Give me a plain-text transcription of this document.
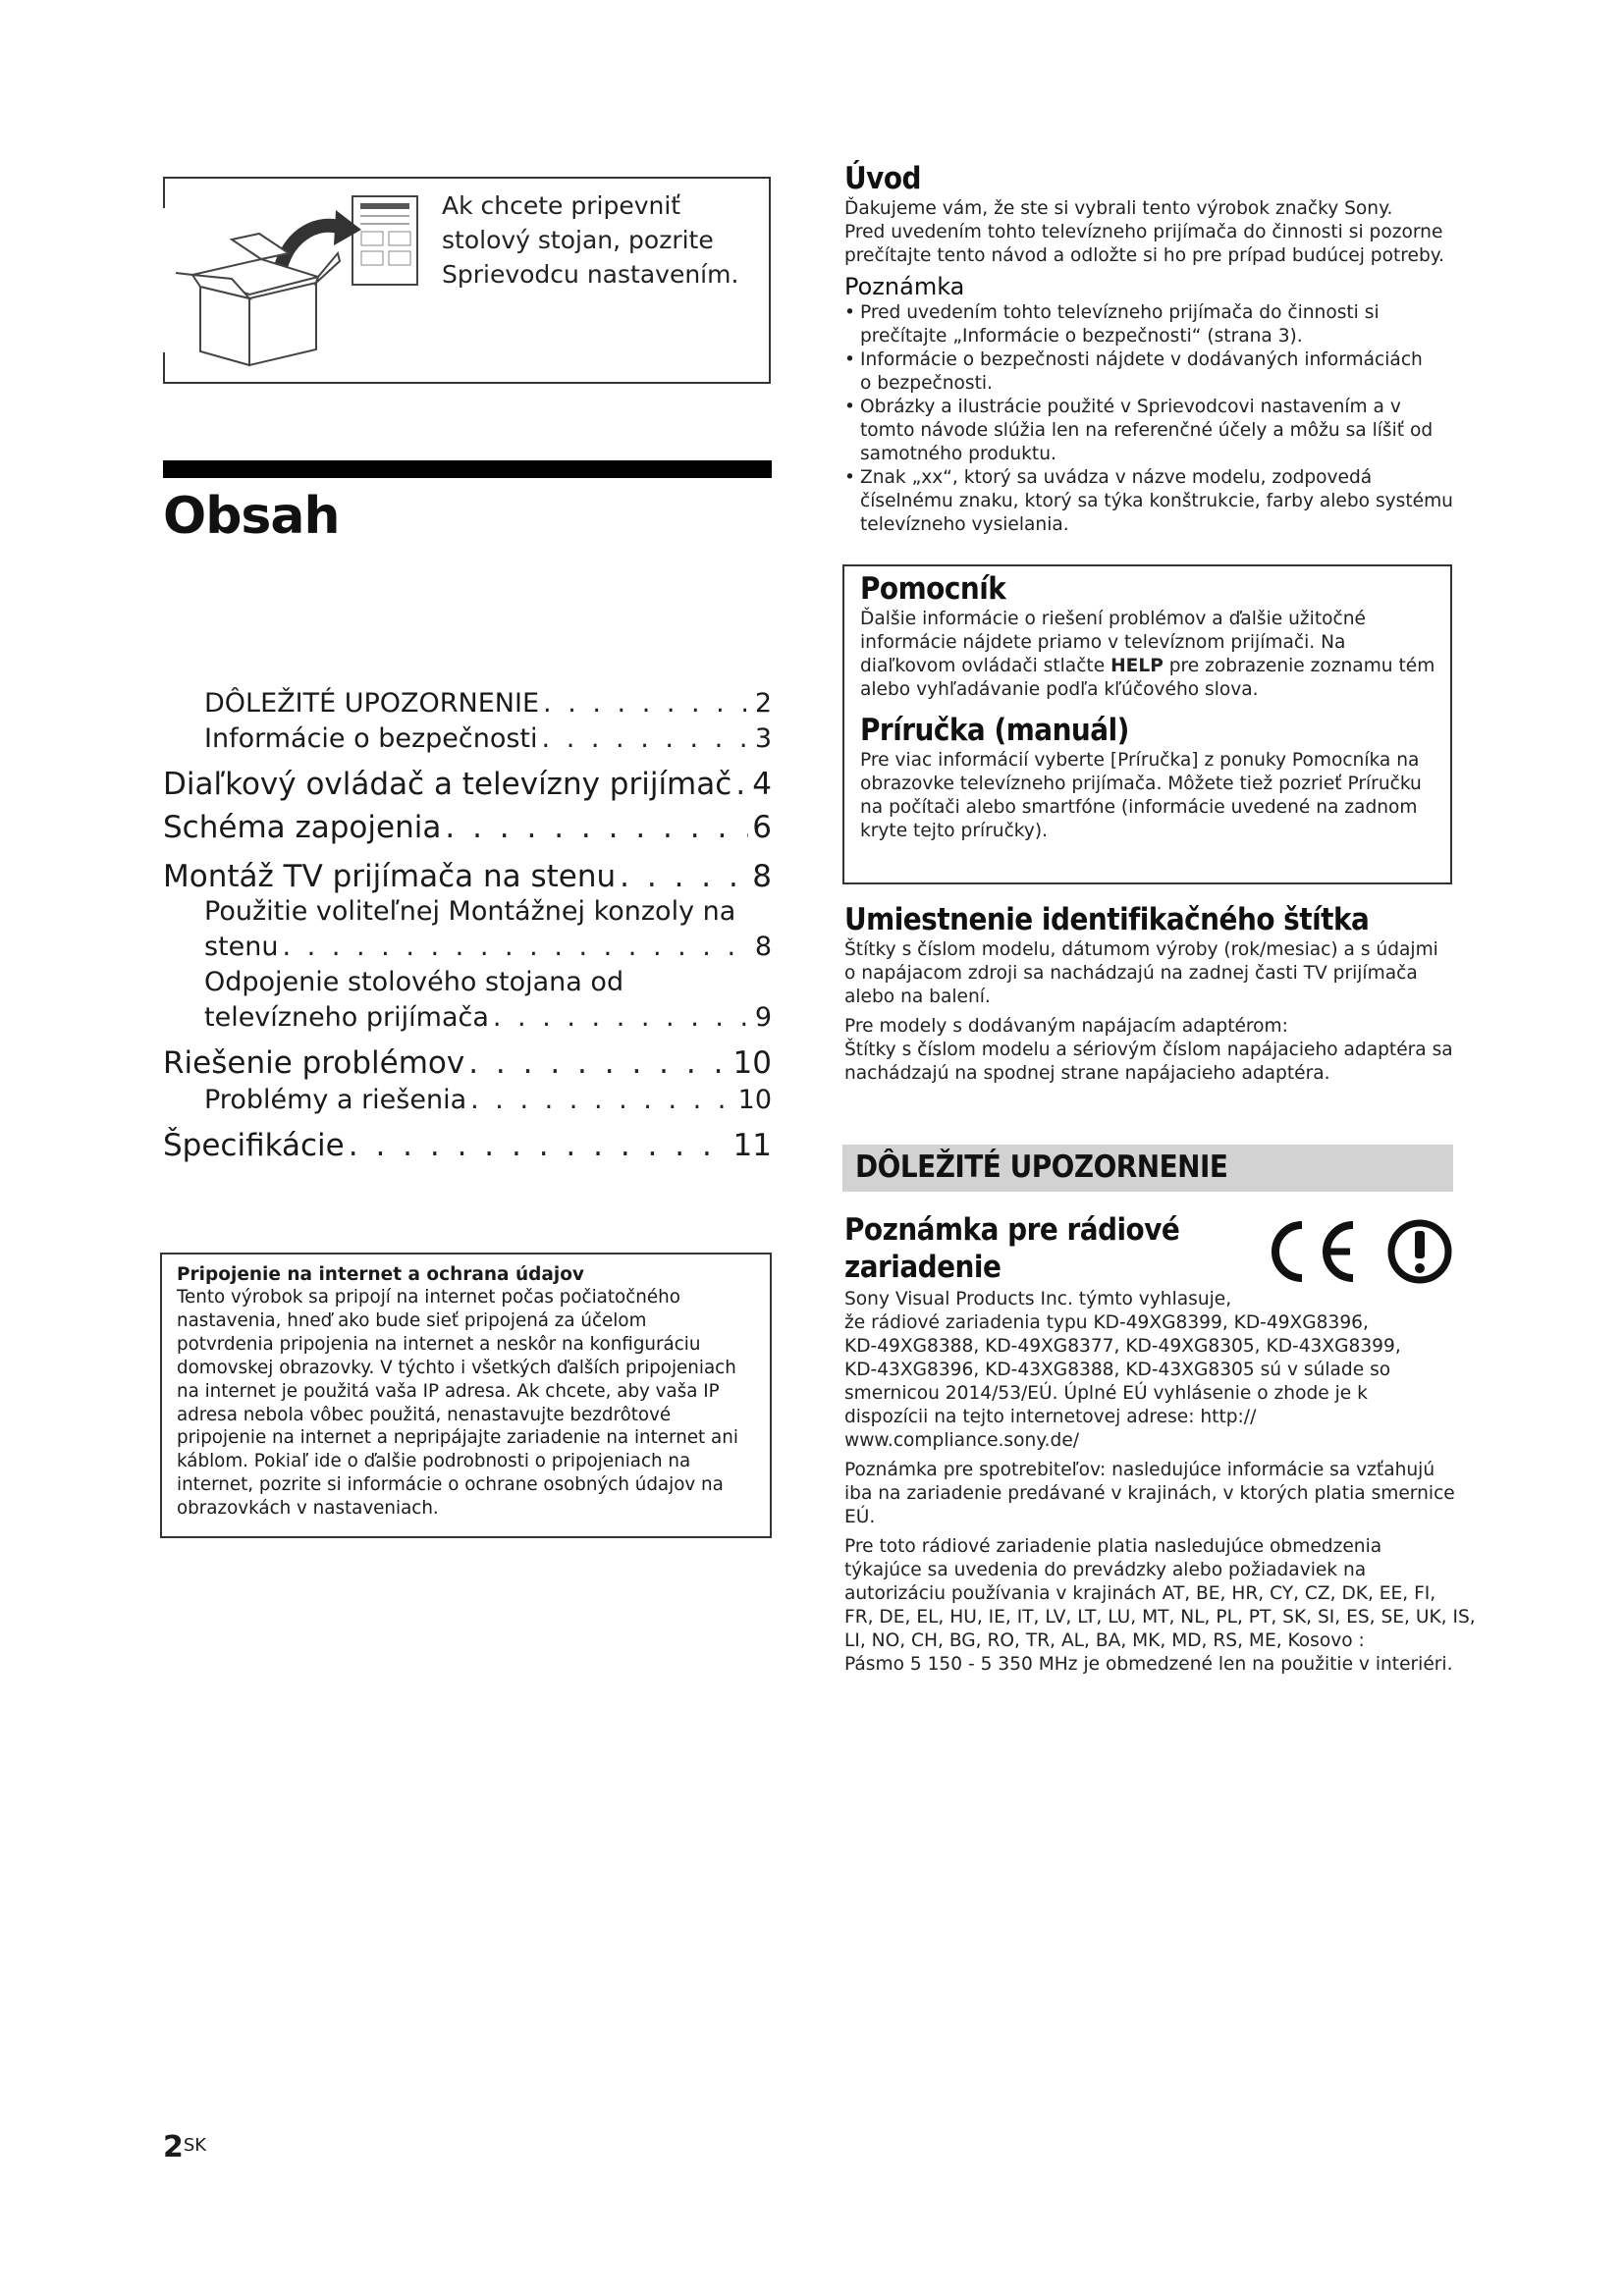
Ak chcete pripevniť
stolový stojan, pozrite
Sprievodcu nastavením.
Obsah
DÔLEŽITÉ UPOZORNENIE . . .	2
Informácie o bezpečnosti . . .	3
Diaľkový ovládač a televízny prijímač . . . 4
Schéma zapojenia . . .	6
Montáž TV prijímača na stenu . . .	8
Použitie voliteľnej Montážnej konzoly na
stenu . . .	8
Odpojenie stolového stojana od
televízneho prijímača . . .	9
Riešenie problémov . . .	10
Problémy a riešenia . . .	10
Špecifikácie . . .	11
Pripojenie na internet a ochrana údajov
Tento výrobok sa pripojí na internet počas počiatočného
nastavenia, hneď ako bude sieť pripojená za účelom
potvrdenia pripojenia na internet a neskôr na konfiguráciu
domovskej obrazovky. V týchto i všetkých ďalších pripojeniach
na internet je použitá vaša IP adresa. Ak chcete, aby vaša IP
adresa nebola vôbec použitá, nenastavujte bezdrôtové
pripojenie na internet a nepripájajte zariadenie na internet ani
káblom. Pokiaľ ide o ďalšie podrobnosti o pripojeniach na
internet, pozrite si informácie o ochrane osobných údajov na
obrazovkách v nastaveniach.
Úvod
Ďakujeme vám, že ste si vybrali tento výrobok značky Sony.
Pred uvedením tohto televízneho prijímača do činnosti si pozorne
prečítajte tento návod a odložte si ho pre prípad budúcej potreby.
Poznámka
• Pred uvedením tohto televízneho prijímača do činnosti si
prečítajte „Informácie o bezpečnosti“ (strana 3).
• Informácie o bezpečnosti nájdete v dodávaných informáciách
o bezpečnosti.
• Obrázky a ilustrácie použité v Sprievodcovi nastavením a v
tomto návode slúžia len na referenčné účely a môžu sa líšiť od
samotného produktu.
• Znak „xx“, ktorý sa uvádza v názve modelu, zodpovedá
číselnému znaku, ktorý sa týka konštrukcie, farby alebo systému
televízneho vysielania.
Pomocník
Ďalšie informácie o riešení problémov a ďalšie užitočné
informácie nájdete priamo v televíznom prijímači. Na
diaľkovom ovládači stlačte HELP pre zobrazenie zoznamu tém
alebo vyhľadávanie podľa kľúčového slova.
Príručka (manuál)
Pre viac informácií vyberte [Príručka] z ponuky Pomocníka na
obrazovke televízneho prijímača. Môžete tiež pozrieť Príručku
na počítači alebo smartfóne (informácie uvedené na zadnom
kryte tejto príručky).
Umiestnenie identifikačného štítka
Štítky s číslom modelu, dátumom výroby (rok/mesiac) a s údajmi
o napájacom zdroji sa nachádzajú na zadnej časti TV prijímača
alebo na balení.
Pre modely s dodávaným napájacím adaptérom:
Štítky s číslom modelu a sériovým číslom napájacieho adaptéra sa
nachádzajú na spodnej strane napájacieho adaptéra.
DÔLEŽITÉ UPOZORNENIE
Poznámka pre rádiové
zariadenie
Sony Visual Products Inc. týmto vyhlasuje,
že rádiové zariadenia typu KD-49XG8399, KD-49XG8396,
KD-49XG8388, KD-49XG8377, KD-49XG8305, KD-43XG8399,
KD-43XG8396, KD-43XG8388, KD-43XG8305 sú v súlade so
smernicou 2014/53/EÚ. Úplné EÚ vyhlásenie o zhode je k
dispozícii na tejto internetovej adrese: http://
www.compliance.sony.de/
Poznámka pre spotrebiteľov: nasledujúce informácie sa vzťahujú
iba na zariadenie predávané v krajinách, v ktorých platia smernice
EÚ.
Pre toto rádiové zariadenie platia nasledujúce obmedzenia
týkajúce sa uvedenia do prevádzky alebo požiadaviek na
autorizáciu používania v krajinách AT, BE, HR, CY, CZ, DK, EE, FI,
FR, DE, EL, HU, IE, IT, LV, LT, LU, MT, NL, PL, PT, SK, SI, ES, SE, UK, IS,
LI, NO, CH, BG, RO, TR, AL, BA, MK, MD, RS, ME, Kosovo :
Pásmo 5 150 - 5 350 MHz je obmedzené len na použitie v interiéri.
$2^{SK}$
